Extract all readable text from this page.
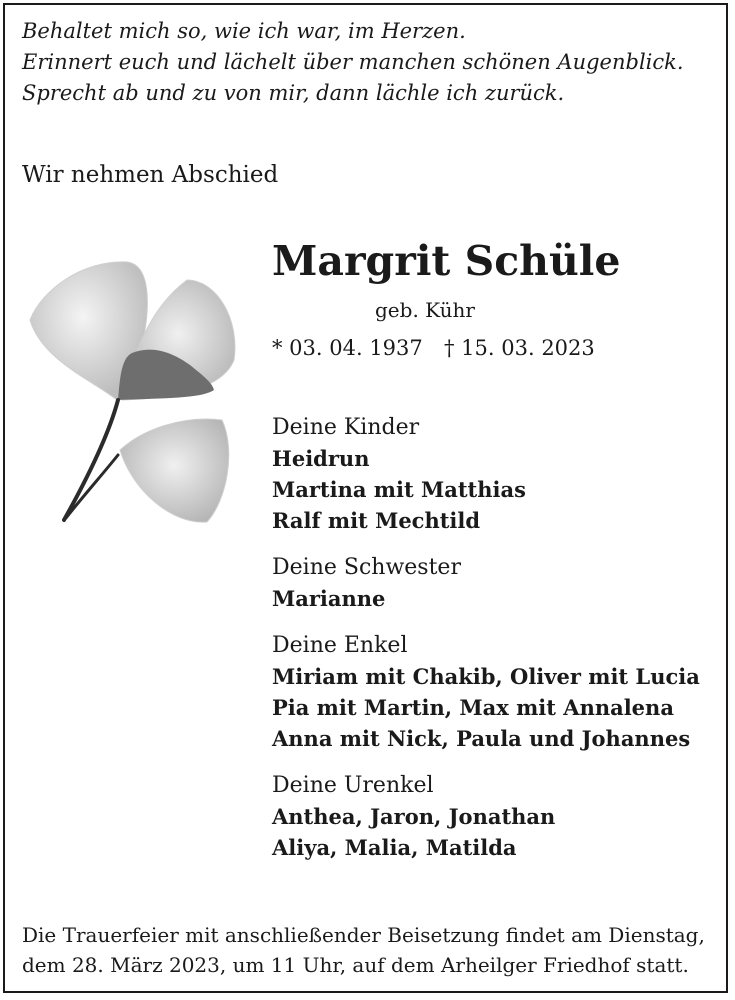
Behaltet mich so, wie ich war, im Herzen.
Erinnert euch und lächelt über manchen schönen Augenblick.
Sprecht ab und zu von mir, dann lächle ich zurück.
Wir nehmen Abschied
Margrit Schüle
geb. Kühr
* 03. 04. 1937 † 15. 03. 2023
Deine Kinder
Heidrun
Martina mit Matthias
Ralf mit Mechtild
Deine Schwester
Marianne
Deine Enkel
Miriam mit Chakib, Oliver mit Lucia
Pia mit Martin, Max mit Annalena
Anna mit Nick, Paula und Johannes
Deine Urenkel
Anthea, Jaron, Jonathan
Aliya, Malia, Matilda
Die Trauerfeier mit anschließender Beisetzung findet am Dienstag,
dem 28. März 2023, um 11 Uhr, auf dem Arheilger Friedhof statt.
